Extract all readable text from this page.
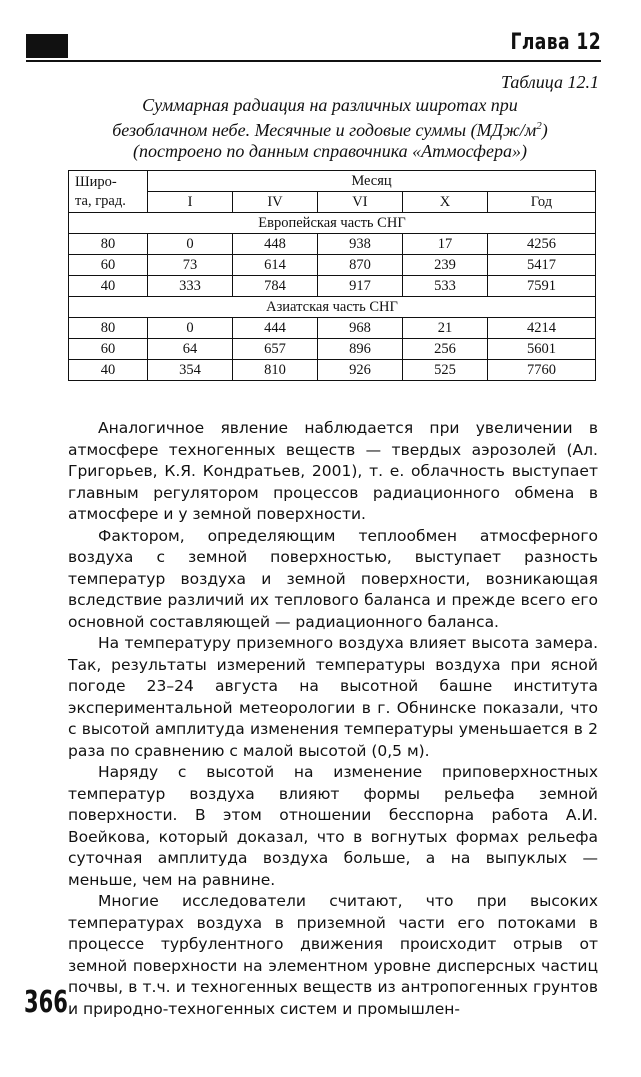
Глава 12
Таблица 12.1
Суммарная радиация на различных широтах при
безоблачном небе. Месячные и годовые суммы $(МДж/м^2)$
(построено по данным справочника «Атмосфера»)
Широ-
та, град.	Месяц				
	I	IV	VI	X	Год
Европейская часть СНГ					
80	0	448	938	17	4256
60	73	614	870	239	5417
40	333	784	917	533	7591
Азиатская часть СНГ					
80	0	444	968	21	4214
60	64	657	896	256	5601
40	354	810	926	525	7760

Аналогичное явление наблюдается при увеличении в атмосфере техногенных веществ — твердых аэрозолей (Ал. Григорьев, К.Я. Кондратьев, 2001), т. е. облачность выступает главным регулятором процессов радиационного обмена в атмосфере и у земной поверхности.

Фактором, определяющим теплообмен атмосферного воздуха с земной поверхностью, выступает разность температур воздуха и земной поверхности, возникающая вследствие различий их теплового баланса и прежде всего его основной составляющей — радиационного баланса.

На температуру приземного воздуха влияет высота замера. Так, результаты измерений температуры воздуха при ясной погоде 23–24 августа на высотной башне института экспериментальной метеорологии в г. Обнинске показали, что с высотой амплитуда изменения температуры уменьшается в 2 раза по сравнению с малой высотой (0,5 м).

Наряду с высотой на изменение приповерхностных температур воздуха влияют формы рельефа земной поверхности. В этом отношении бесспорна работа А.И. Воейкова, который доказал, что в вогнутых формах рельефа суточная амплитуда воздуха больше, а на выпуклых — меньше, чем на равнине.

Многие исследователи считают, что при высоких температурах воздуха в приземной части его потоками в процессе турбулентного движения происходит отрыв от земной поверхности на элементном уровне дисперсных частиц почвы, в т.ч. и техногенных веществ из антропогенных грунтов и природно-техногенных систем и промышлен-

366
